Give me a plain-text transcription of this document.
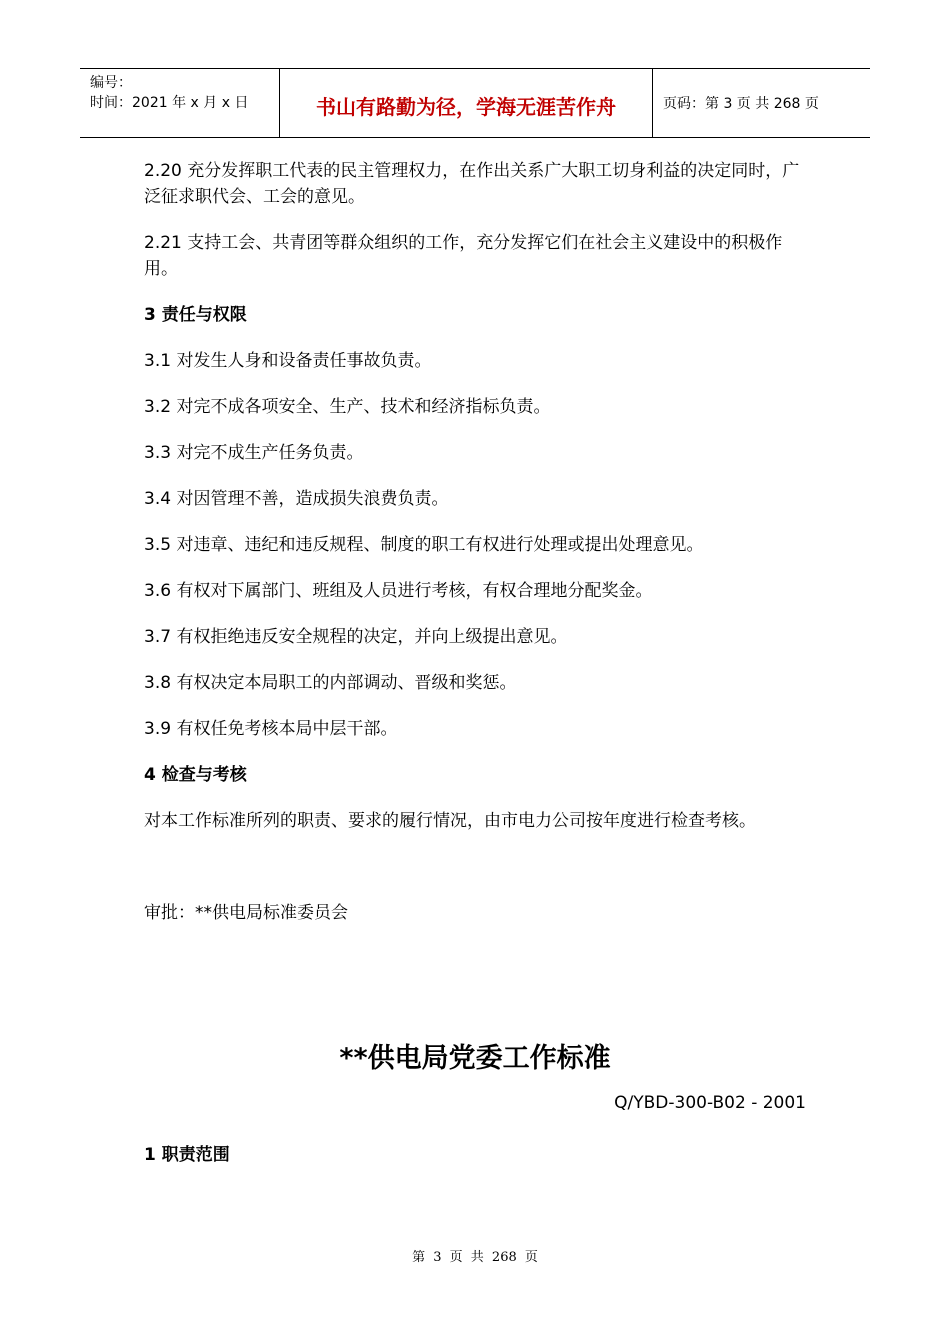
编号：
时间：2021 年 x 月 x 日	书山有路勤为径，学海无涯苦作舟	页码：第 3 页 共 268 页

2.20 充分发挥职工代表的民主管理权力，在作出关系广大职工切身利益的决定同时，广泛征求职代会、工会的意见。

2.21 支持工会、共青团等群众组织的工作，充分发挥它们在社会主义建设中的积极作用。

3 责任与权限

3.1 对发生人身和设备责任事故负责。

3.2 对完不成各项安全、生产、技术和经济指标负责。

3.3 对完不成生产任务负责。

3.4 对因管理不善，造成损失浪费负责。

3.5 对违章、违纪和违反规程、制度的职工有权进行处理或提出处理意见。

3.6 有权对下属部门、班组及人员进行考核，有权合理地分配奖金。

3.7 有权拒绝违反安全规程的决定，并向上级提出意见。

3.8 有权决定本局职工的内部调动、晋级和奖惩。

3.9 有权任免考核本局中层干部。

4 检查与考核

对本工作标准所列的职责、要求的履行情况，由市电力公司按年度进行检查考核。

审批：**供电局标准委员会

**供电局党委工作标准
Q/YBD-300-B02 - 2001
1 职责范围
第 3 页 共 268 页
